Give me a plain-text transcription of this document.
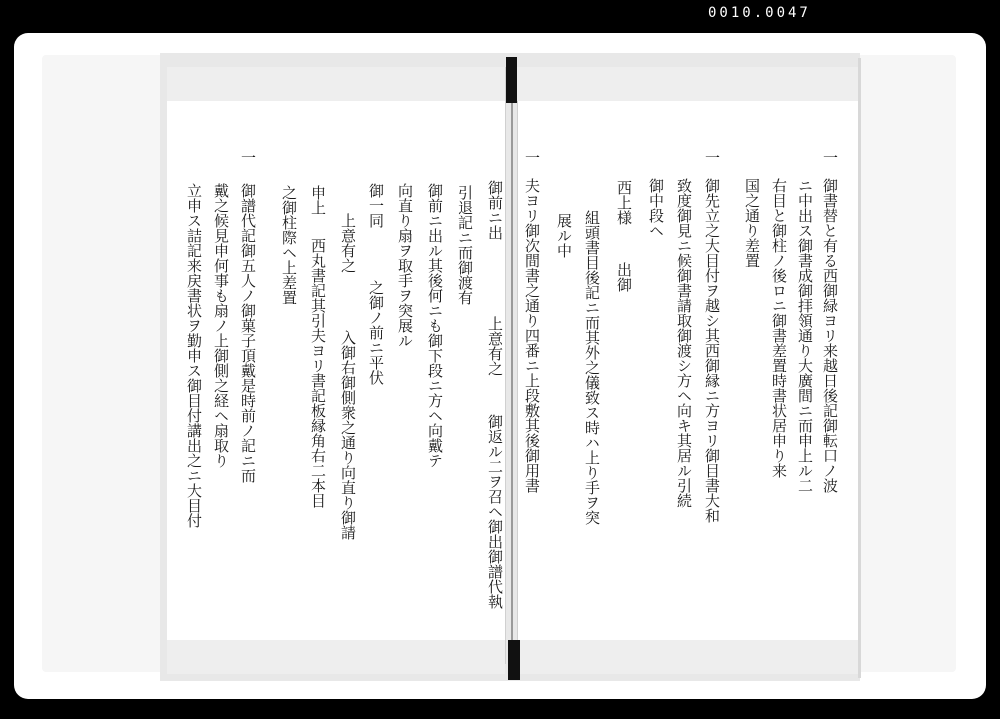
0010.0047
一
御書替と有る西御緑ヨリ来越日後記御転口ノ波
ニ中出ス御書成御拝領通り大廣間ニ而申上ル二
右目と御柱ノ後ロニ御書差置時書状居申り来
国之通り差置
一
御先立之大目付ヲ越シ其西御縁ニ方ヨリ御目書大和
致度御見ニ候御書請取御渡シ方ヘ向キ其居ル引続
御中段ヘ
西上様
出御
組頭書目後記ニ而其外之儀致ス時ハ上り手ヲ突
展ル中
一
夫ヨリ御次間書之通り四番ニ上段敷其後御用書
御前ニ出
上意有之
御返ル二ヲ召ヘ御出御譜代執
引退記ニ而御渡有
御前ニ出ル其後何ニも御下段ニ方ヘ向戴テ
向直り扇ヲ取手ヲ突展ル
御一同
之御ノ前ニ平伏
上意有之
入御右御側衆之通り向直り御請
申上
西丸書記其引夫ヨリ書記板縁角右二本目
之御柱際ヘ上差置
一
御譜代記御五人ノ御菓子頂戴是時前ノ記ニ而
戴之候見申何事も扇ノ上御側之経ヘ扇取り
立申ス詰記来戻書状ヲ勤申ス御目付講出之ニ大目付
